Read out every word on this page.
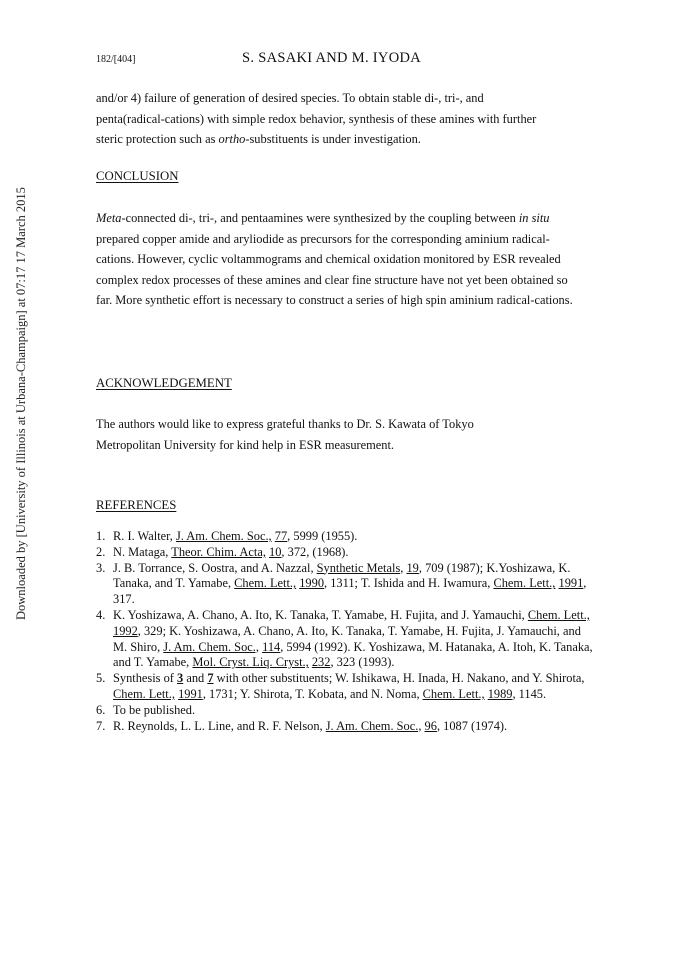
Downloaded by [University of Illinois at Urbana-Champaign] at 07:17 17 March 2015
182/[404]	S. SASAKI AND M. IYODA
and/or 4) failure of generation of desired species. To obtain stable di-, tri-, and
penta(radical-cations) with simple redox behavior, synthesis of these amines with further
steric protection such as ortho-substituents is under investigation.
CONCLUSION
Meta-connected di-, tri-, and pentaamines were synthesized by the coupling between in situ prepared copper amide and aryliodide as precursors for the corresponding aminium radical-cations. However, cyclic voltammograms and chemical oxidation monitored by ESR revealed complex redox processes of these amines and clear fine structure have not yet been obtained so far. More synthetic effort is necessary to construct a series of high spin aminium radical-cations.
ACKNOWLEDGEMENT
The authors would like to express grateful thanks to Dr. S. Kawata of Tokyo Metropolitan University for kind help in ESR measurement.
REFERENCES
1. R. I. Walter, J. Am. Chem. Soc., 77, 5999 (1955).
2. N. Mataga, Theor. Chim. Acta, 10, 372, (1968).
3. J. B. Torrance, S. Oostra, and A. Nazzal, Synthetic Metals, 19, 709 (1987); K.Yoshizawa, K. Tanaka, and T. Yamabe, Chem. Lett., 1990, 1311; T. Ishida and H. Iwamura, Chem. Lett., 1991, 317.
4. K. Yoshizawa, A. Chano, A. Ito, K. Tanaka, T. Yamabe, H. Fujita, and J. Yamauchi, Chem. Lett., 1992, 329; K. Yoshizawa, A. Chano, A. Ito, K. Tanaka, T. Yamabe, H. Fujita, J. Yamauchi, and M. Shiro, J. Am. Chem. Soc., 114, 5994 (1992). K. Yoshizawa, M. Hatanaka, A. Itoh, K. Tanaka, and T. Yamabe, Mol. Cryst. Liq. Cryst., 232, 323 (1993).
5. Synthesis of 3 and 7 with other substituents; W. Ishikawa, H. Inada, H. Nakano, and Y. Shirota, Chem. Lett., 1991, 1731; Y. Shirota, T. Kobata, and N. Noma, Chem. Lett., 1989, 1145.
6. To be published.
7. R. Reynolds, L. L. Line, and R. F. Nelson, J. Am. Chem. Soc., 96, 1087 (1974).
